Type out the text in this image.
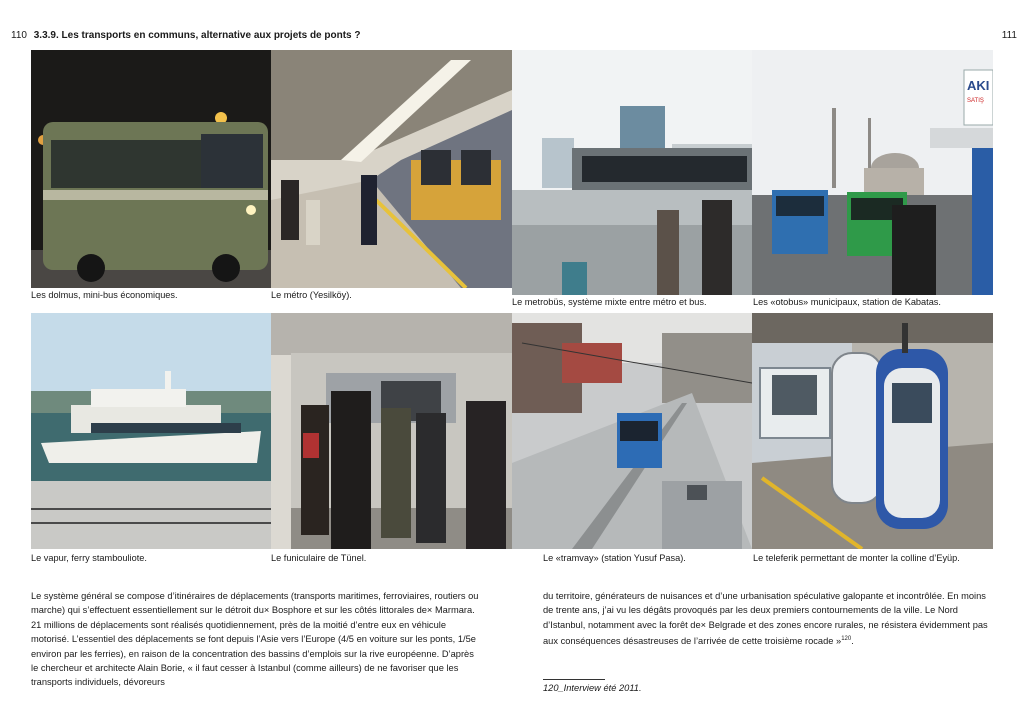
110 3.3.9. Les transports en communs, alternative aux projets de ponts ?	111
AKI
SATIŞ
Les dolmus, mini-bus économiques.	Le métro (Yesilköy).
Le metrobüs, système mixte entre métro et bus.	Les «otobus» municipaux, station de Kabatas.
Le vapur, ferry stambouliote.	Le funiculaire de Tünel.	Le «tramvay» (station Yusuf Pasa).	Le teleferik permettant de monter la colline d’Eyüp.

Le système général se compose d’itinéraires de déplacements (transports maritimes, ferroviaires, routiers ou marche) qui s’effectuent essentiellement sur le détroit du× Bosphore et sur les côtés littorales de× Marmara. 21 millions de déplacements sont réalisés quotidiennement, près de la moitié d’entre eux en véhicule motorisé. L’essentiel des déplacements se font depuis l’Asie vers l’Europe (4/5 en voiture sur les ponts, 1/5e environ par les ferries), en raison de la concentration des bassins d’emplois sur la rive européenne. D’après le chercheur et architecte Alain Borie, « il faut cesser à Istanbul (comme ailleurs) de ne favoriser que les transports individuels, dévoreurs

du territoire, générateurs de nuisances et d’une urbanisation spéculative galopante et incontrôlée. En moins de trente ans, j’ai vu les dégâts provoqués par les deux premiers contournements de la ville. Le Nord d’Istanbul, notamment avec la forêt de× Belgrade et des zones encore rurales, ne résistera évidemment pas aux conséquences désastreuses de l’arrivée de cette troisième rocade »$^{120}$.

120_Interview été 2011.
